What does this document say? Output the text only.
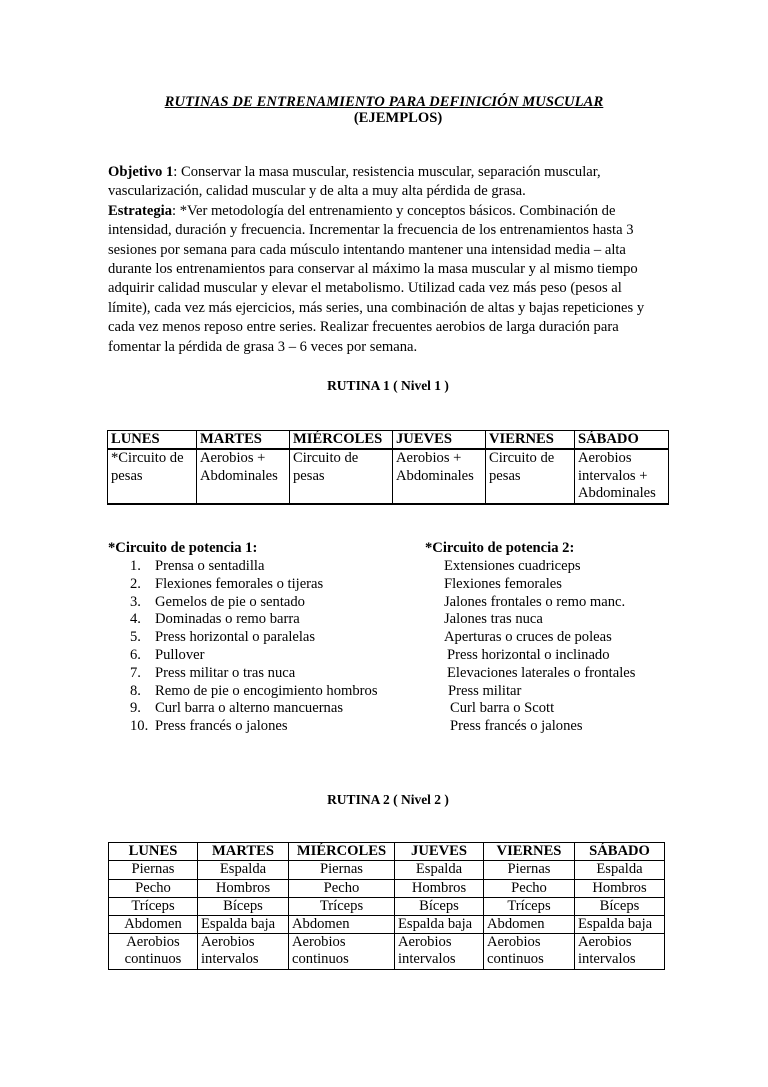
RUTINAS DE ENTRENAMIENTO PARA DEFINICIÓN MUSCULAR
(EJEMPLOS)

Objetivo 1: Conservar la masa muscular, resistencia muscular, separación muscular, vascularización, calidad muscular y de alta a muy alta pérdida de grasa.

Estrategia: *Ver metodología del entrenamiento y conceptos básicos. Combinación de intensidad, duración y frecuencia. Incrementar la frecuencia de los entrenamientos hasta 3 sesiones por semana para cada músculo intentando mantener una intensidad media – alta durante los entrenamientos para conservar al máximo la masa muscular y al mismo tiempo adquirir calidad muscular y elevar el metabolismo. Utilizad cada vez más peso (pesos al límite), cada vez más ejercicios, más series, una combinación de altas y bajas repeticiones y cada vez menos reposo entre series. Realizar frecuentes aerobios de larga duración para fomentar la pérdida de grasa 3 – 6 veces por semana.

RUTINA 1 ( Nivel 1 )
LUNES	MARTES	MIÉRCOLES	JUEVES	VIERNES	SÁBADO
*Circuito de pesas	Aerobios + Abdominales	Circuito de pesas	Aerobios + Abdominales	Circuito de pesas	Aerobios intervalos + Abdominales
*Circuito de potencia 1:
1. Prensa o sentadilla
2. Flexiones femorales o tijeras
3. Gemelos de pie o sentado
4. Dominadas o remo barra
5. Press horizontal o paralelas
6. Pullover
7. Press militar o tras nuca
8. Remo de pie o encogimiento hombros
9. Curl barra o alterno mancuernas
10. Press francés o jalones
*Circuito de potencia 2:
Extensiones cuadriceps
Flexiones femorales
Jalones frontales o remo manc.
Jalones tras nuca
Aperturas o cruces de poleas
Press horizontal o inclinado
Elevaciones laterales o frontales
Press militar
Curl barra o Scott
Press francés o jalones
RUTINA 2 ( Nivel 2 )
LUNES	MARTES	MIÉRCOLES	JUEVES	VIERNES	SÁBADO
Piernas	Espalda	Piernas	Espalda	Piernas	Espalda
Pecho	Hombros	Pecho	Hombros	Pecho	Hombros
Tríceps	Bíceps	Tríceps	Bíceps	Tríceps	Bíceps
Abdomen	Espalda baja	Abdomen	Espalda baja	Abdomen	Espalda baja
Aerobios continuos	Aerobios intervalos	Aerobios continuos	Aerobios intervalos	Aerobios continuos	Aerobios intervalos
